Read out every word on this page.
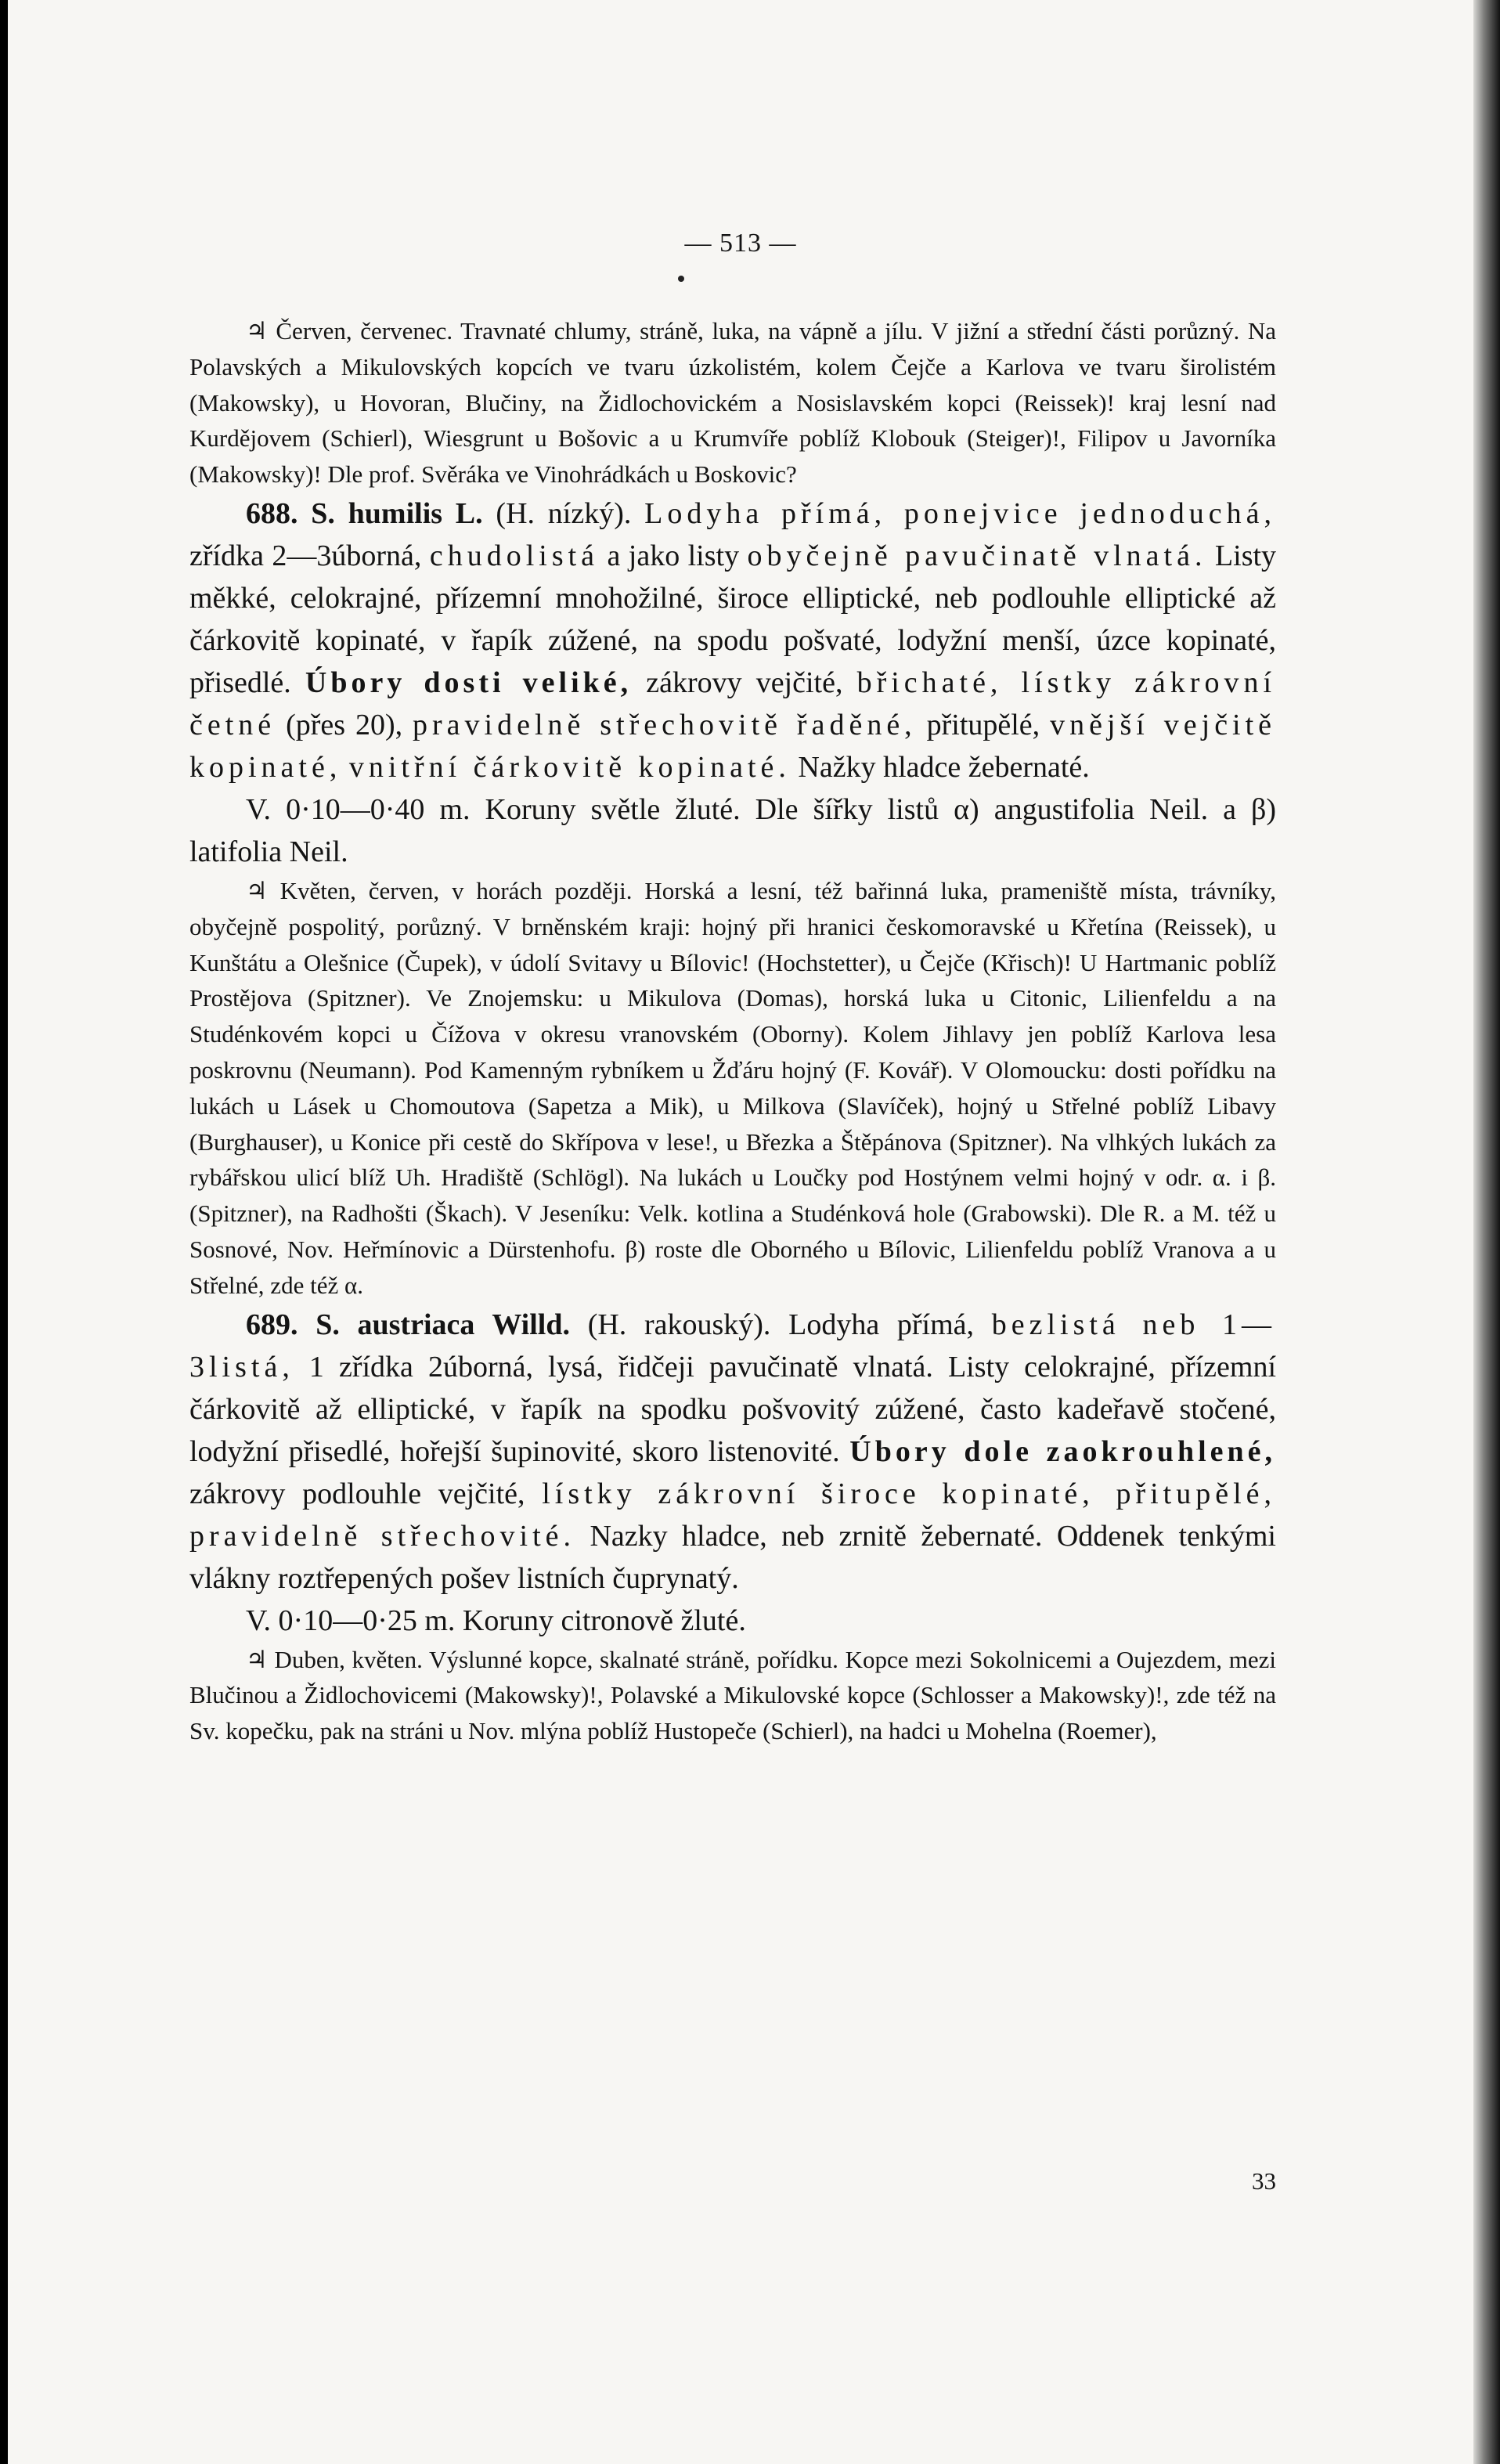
— 513 —

♃ Červen, červenec. Travnaté chlumy, stráně, luka, na vápně a jílu. V jižní a střední části porůzný. Na Polavských a Mikulovských kopcích ve tvaru úzkolistém, kolem Čejče a Karlova ve tvaru širolistém (Makowsky), u Hovoran, Blučiny, na Židlochovickém a Nosislavském kopci (Reissek)! kraj lesní nad Kurdějovem (Schierl), Wiesgrunt u Bošovic a u Krumvíře poblíž Klobouk (Steiger)!, Filipov u Javorníka (Makowsky)! Dle prof. Svěráka ve Vinohrádkách u Boskovic?

688. S. humilis L. (H. nízký). Lodyha přímá, ponejvice jednoduchá, zřídka 2—3úborná, chudolistá a jako listy obyčejně pavučinatě vlnatá. Listy měkké, celokrajné, přízemní mnohožilné, široce elliptické, neb podlouhle elliptické až čárkovitě kopinaté, v řapík zúžené, na spodu pošvaté, lodyžní menší, úzce kopinaté, přisedlé. Úbory dosti veliké, zákrovy vejčité, břichaté, lístky zákrovní četné (přes 20), pravidelně střechovitě řaděné, přitupělé, vnější vejčitě kopinaté, vnitřní čárkovitě kopinaté. Nažky hladce žebernaté.

V. 0·10—0·40 m. Koruny světle žluté. Dle šířky listů α) angustifolia Neil. a β) latifolia Neil.

♃ Květen, červen, v horách později. Horská a lesní, též bařinná luka, prameniště místa, trávníky, obyčejně pospolitý, porůzný. V brněnském kraji: hojný při hranici českomoravské u Křetína (Reissek), u Kunštátu a Olešnice (Čupek), v údolí Svitavy u Bílovic! (Hochstetter), u Čejče (Křisch)! U Hartmanic poblíž Prostějova (Spitzner). Ve Znojemsku: u Mikulova (Domas), horská luka u Citonic, Lilienfeldu a na Studénkovém kopci u Čížova v okresu vranovském (Oborny). Kolem Jihlavy jen poblíž Karlova lesa poskrovnu (Neumann). Pod Kamenným rybníkem u Žďáru hojný (F. Kovář). V Olomoucku: dosti pořídku na lukách u Lásek u Chomoutova (Sapetza a Mik), u Milkova (Slavíček), hojný u Střelné poblíž Libavy (Burghauser), u Konice při cestě do Skřípova v lese!, u Březka a Štěpánova (Spitzner). Na vlhkých lukách za rybářskou ulicí blíž Uh. Hradiště (Schlögl). Na lukách u Loučky pod Hostýnem velmi hojný v odr. α. i β. (Spitzner), na Radhošti (Škach). V Jeseníku: Velk. kotlina a Studénková hole (Grabowski). Dle R. a M. též u Sosnové, Nov. Heřmínovic a Dürstenhofu. β) roste dle Oborného u Bílovic, Lilienfeldu poblíž Vranova a u Střelné, zde též α.

689. S. austriaca Willd. (H. rakouský). Lodyha přímá, bezlistá neb 1—3listá, 1 zřídka 2úborná, lysá, řidčeji pavučinatě vlnatá. Listy celokrajné, přízemní čárkovitě až elliptické, v řapík na spodku pošvovitý zúžené, často kadeřavě stočené, lodyžní přisedlé, hořejší šupinovité, skoro listenovité. Úbory dole zaokrouhlené, zákrovy podlouhle vejčité, lístky zákrovní široce kopinaté, přitupělé, pravidelně střechovité. Nazky hladce, neb zrnitě žebernaté. Oddenek tenkými vlákny roztřepených pošev listních čuprynatý.

V. 0·10—0·25 m. Koruny citronově žluté.

♃ Duben, květen. Výslunné kopce, skalnaté stráně, pořídku. Kopce mezi Sokolnicemi a Oujezdem, mezi Blučinou a Židlochovicemi (Makowsky)!, Polavské a Mikulovské kopce (Schlosser a Makowsky)!, zde též na Sv. kopečku, pak na stráni u Nov. mlýna poblíž Hustopeče (Schierl), na hadci u Mohelna (Roemer),

33
